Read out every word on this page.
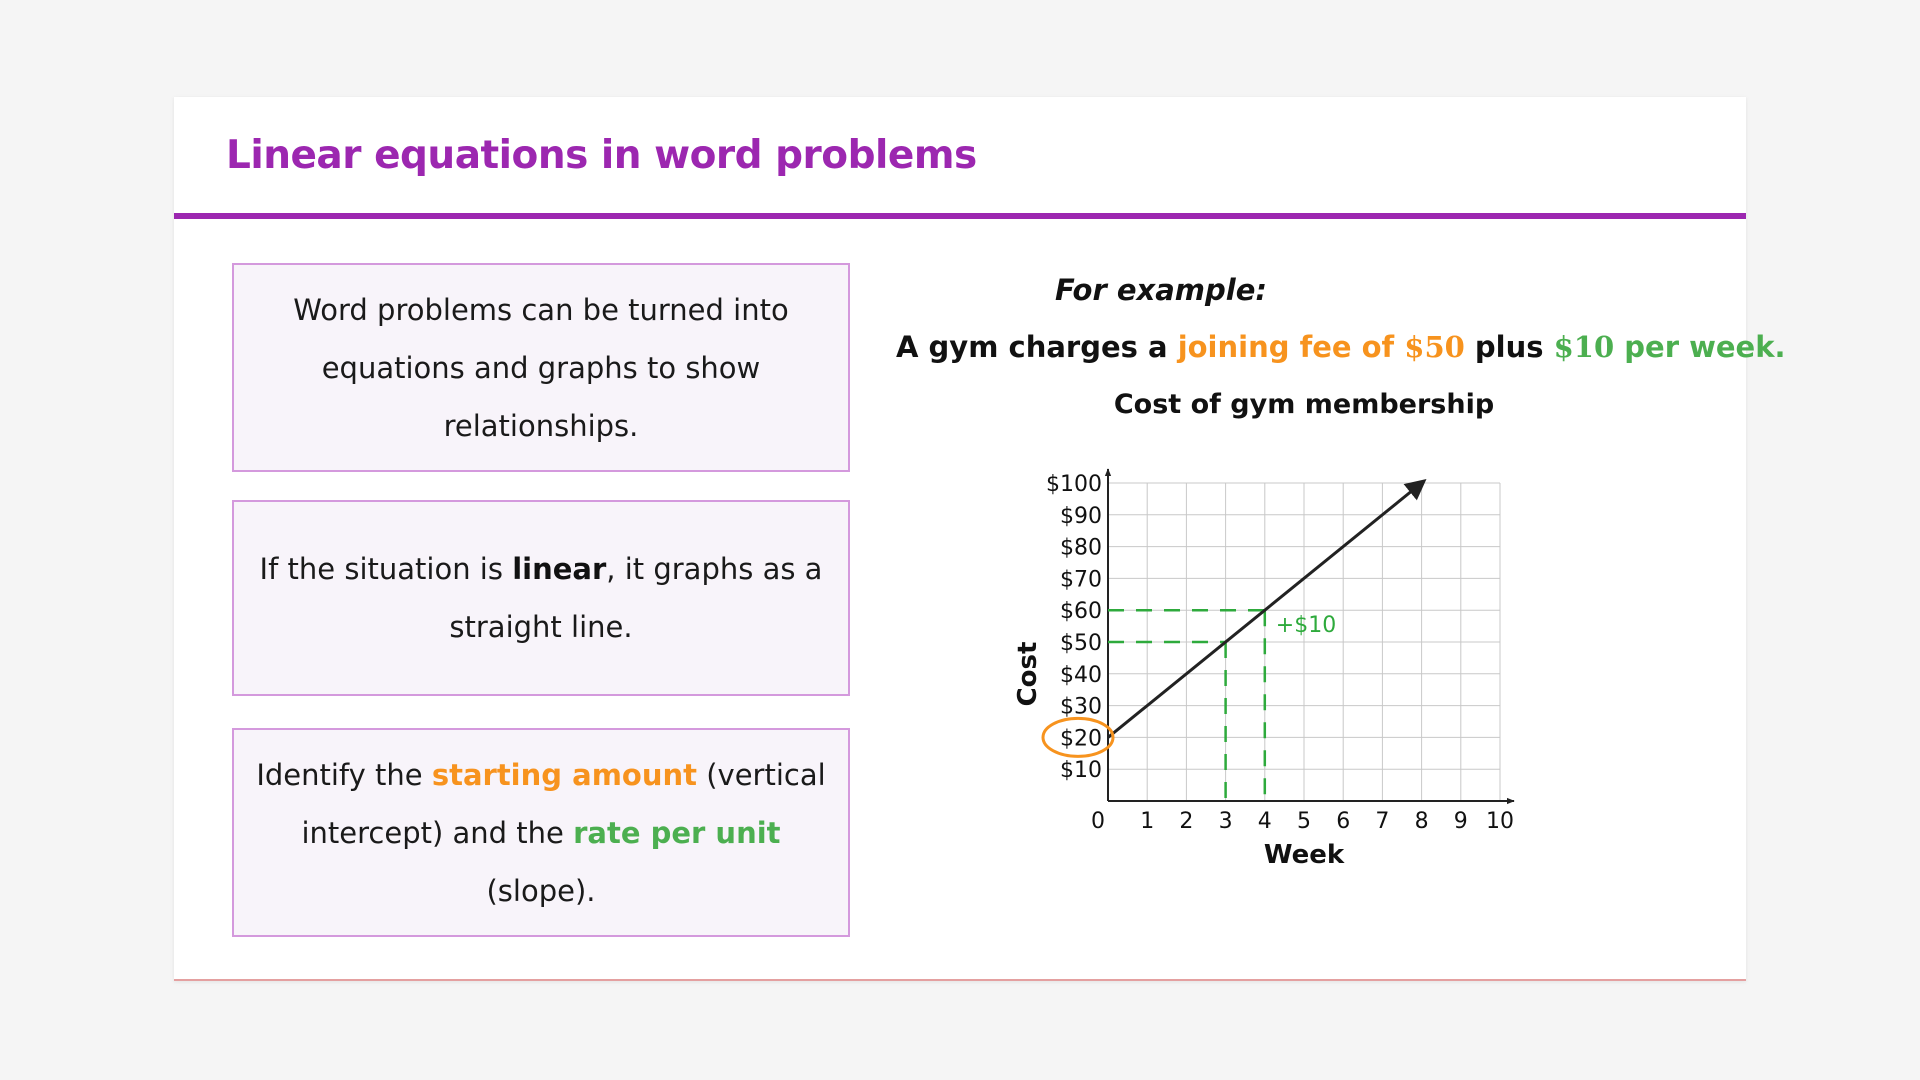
Linear equations in word problems
Word problems can be turned into equations and graphs to show relationships.
If the situation is linear, it graphs as a straight line.
Identify the starting amount (vertical intercept) and the rate per unit (slope).
For example:
A gym charges a joining fee of $50 plus $10 per week.
Cost of gym membership
0 1 2 3 4 5 6 7 8 9 10
$10
$20
$30
$40
$50
$60
$70
$80
$90
$100
Week
Cost
+$10
